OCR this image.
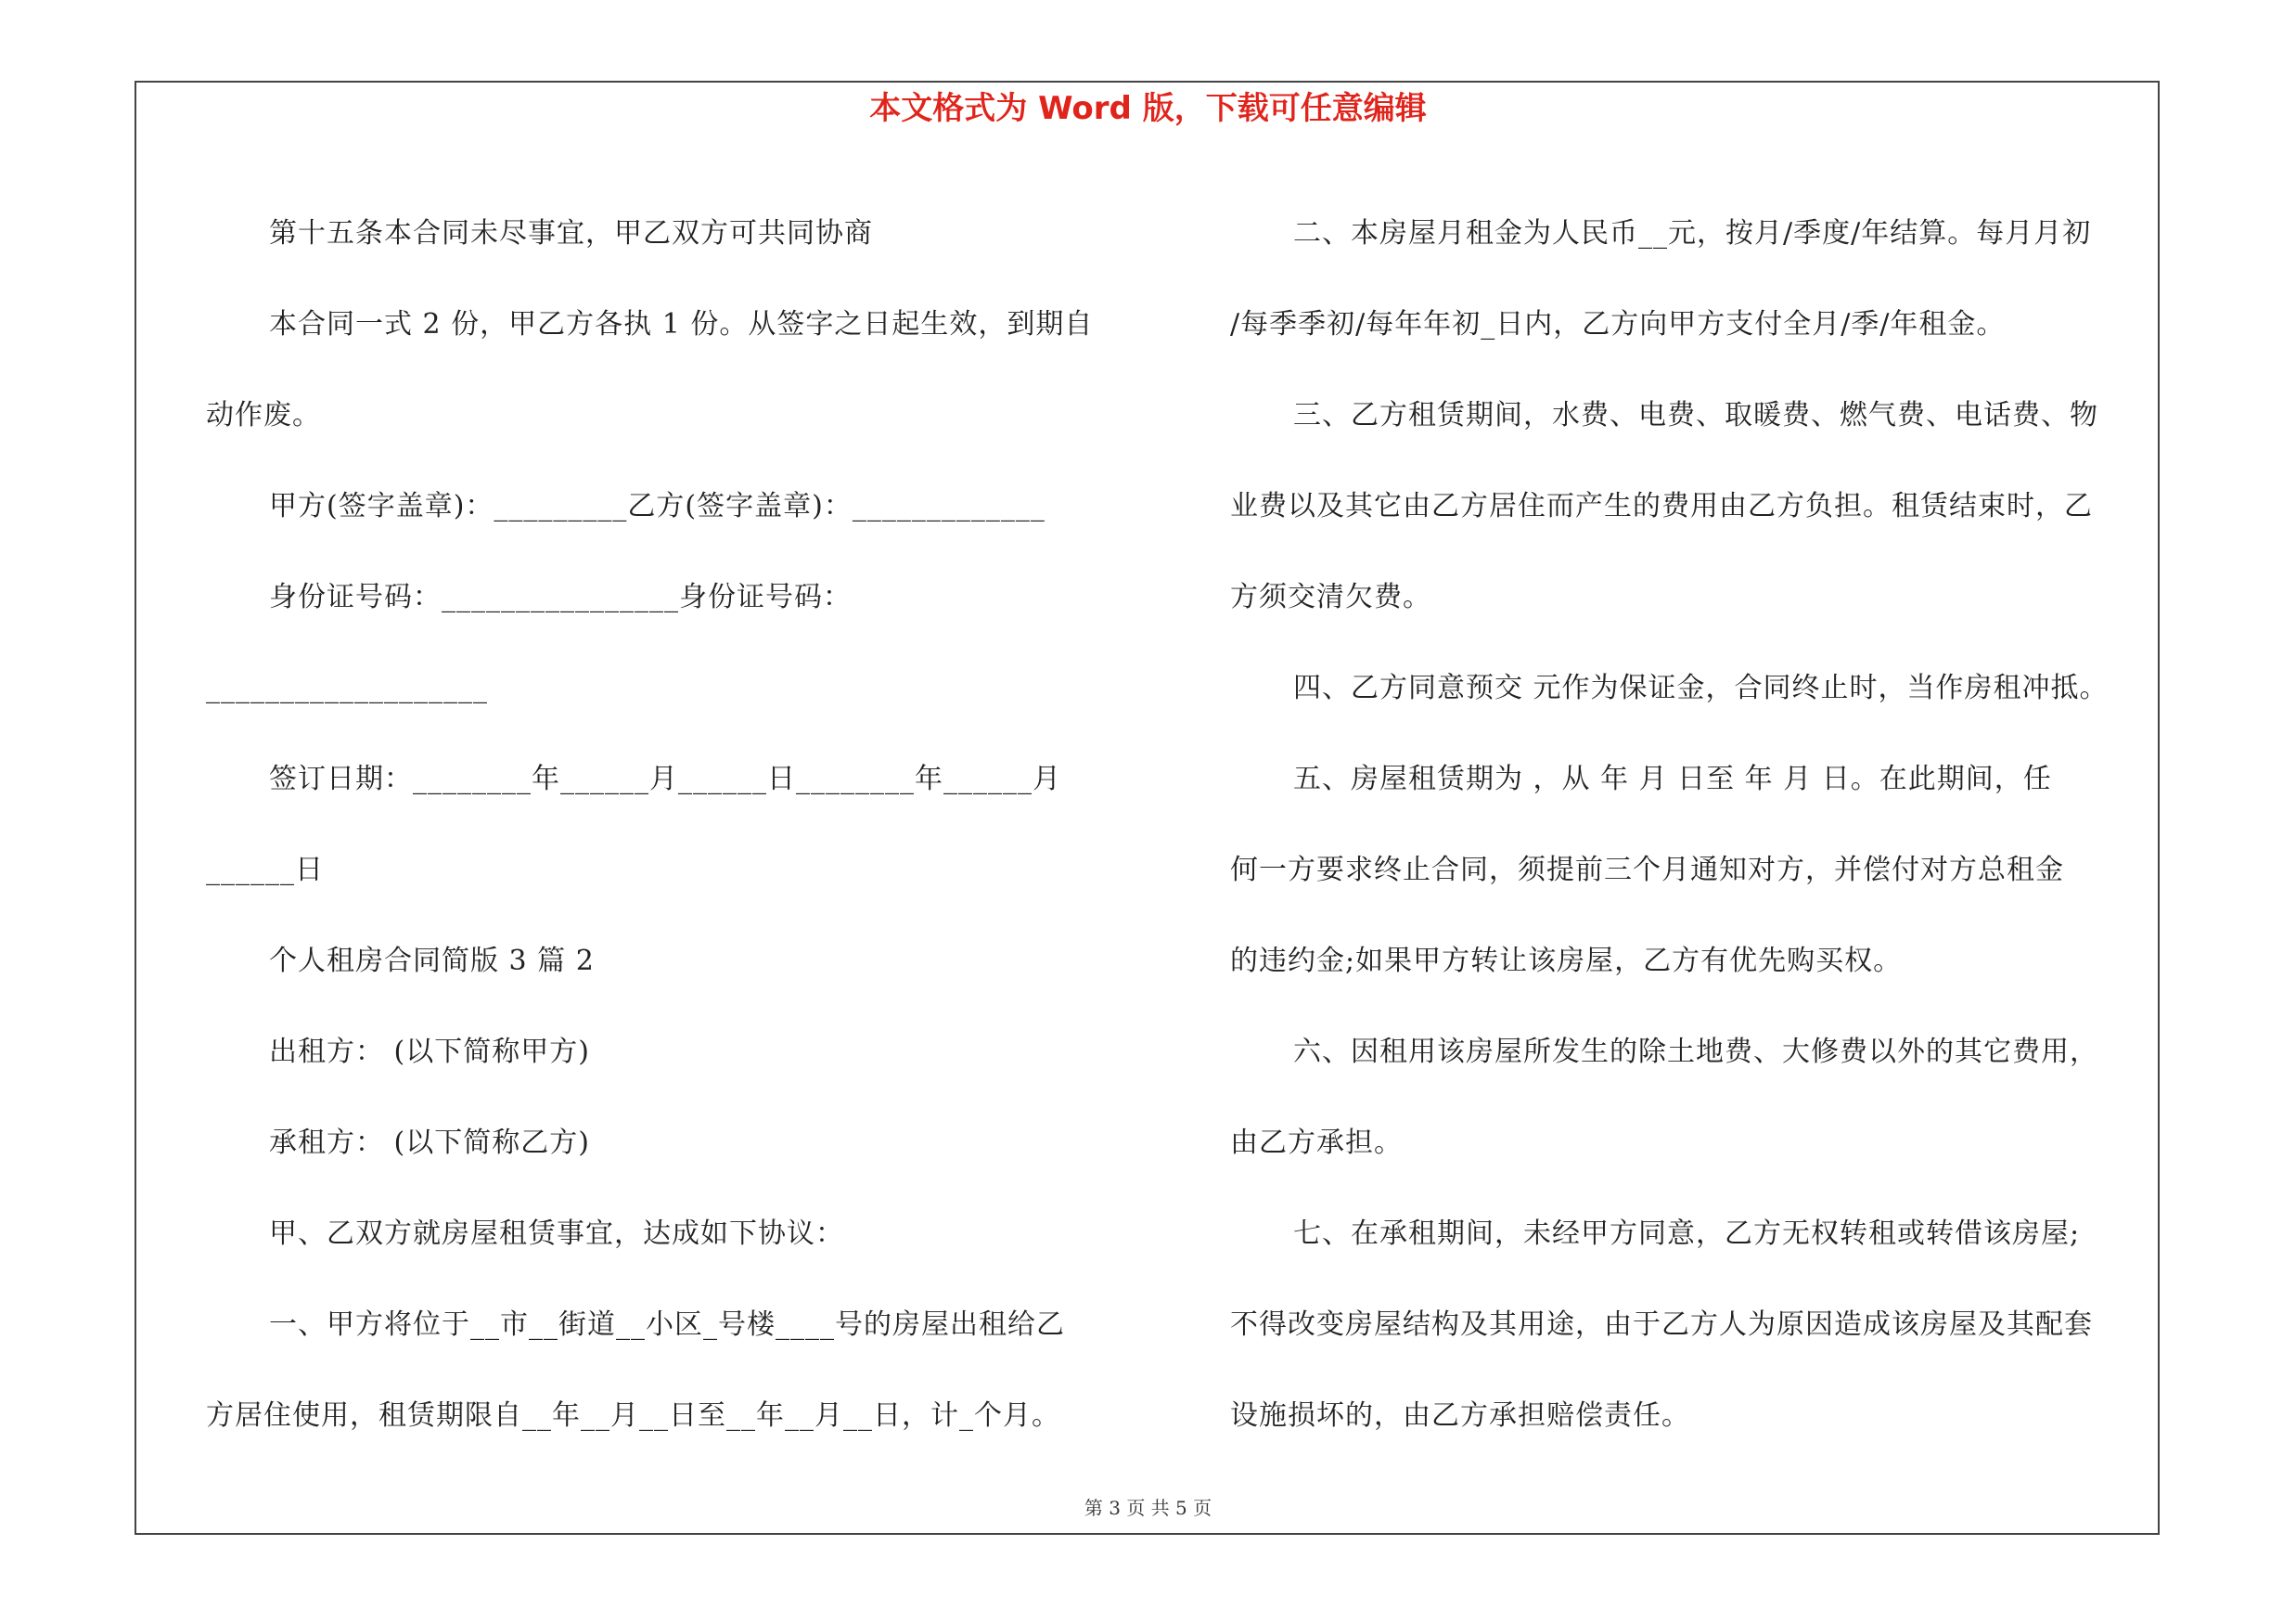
本文格式为 Word 版，下载可任意编辑
第十五条本合同未尽事宜，甲乙双方可共同协商
本合同一式 2 份，甲乙方各执 1 份。从签字之日起生效，到期自
动作废。
甲方(签字盖章)：_________乙方(签字盖章)：_____________
身份证号码：________________身份证号码：
___________________
签订日期：________年______月______日________年______月
______日
个人租房合同简版 3 篇 2
出租方： (以下简称甲方)
承租方： (以下简称乙方)
甲、乙双方就房屋租赁事宜，达成如下协议：
一、甲方将位于__市__街道__小区_号楼____号的房屋出租给乙
方居住使用，租赁期限自__年__月__日至__年__月__日，计_个月。
二、本房屋月租金为人民币__元，按月/季度/年结算。每月月初
/每季季初/每年年初_日内，乙方向甲方支付全月/季/年租金。
三、乙方租赁期间，水费、电费、取暖费、燃气费、电话费、物
业费以及其它由乙方居住而产生的费用由乙方负担。租赁结束时，乙
方须交清欠费。
四、乙方同意预交 元作为保证金，合同终止时，当作房租冲抵。
五、房屋租赁期为 ，从 年 月 日至 年 月 日。在此期间，任
何一方要求终止合同，须提前三个月通知对方，并偿付对方总租金
的违约金;如果甲方转让该房屋，乙方有优先购买权。
六、因租用该房屋所发生的除土地费、大修费以外的其它费用，
由乙方承担。
七、在承租期间，未经甲方同意，乙方无权转租或转借该房屋;
不得改变房屋结构及其用途，由于乙方人为原因造成该房屋及其配套
设施损坏的，由乙方承担赔偿责任。
第 3 页 共 5 页
